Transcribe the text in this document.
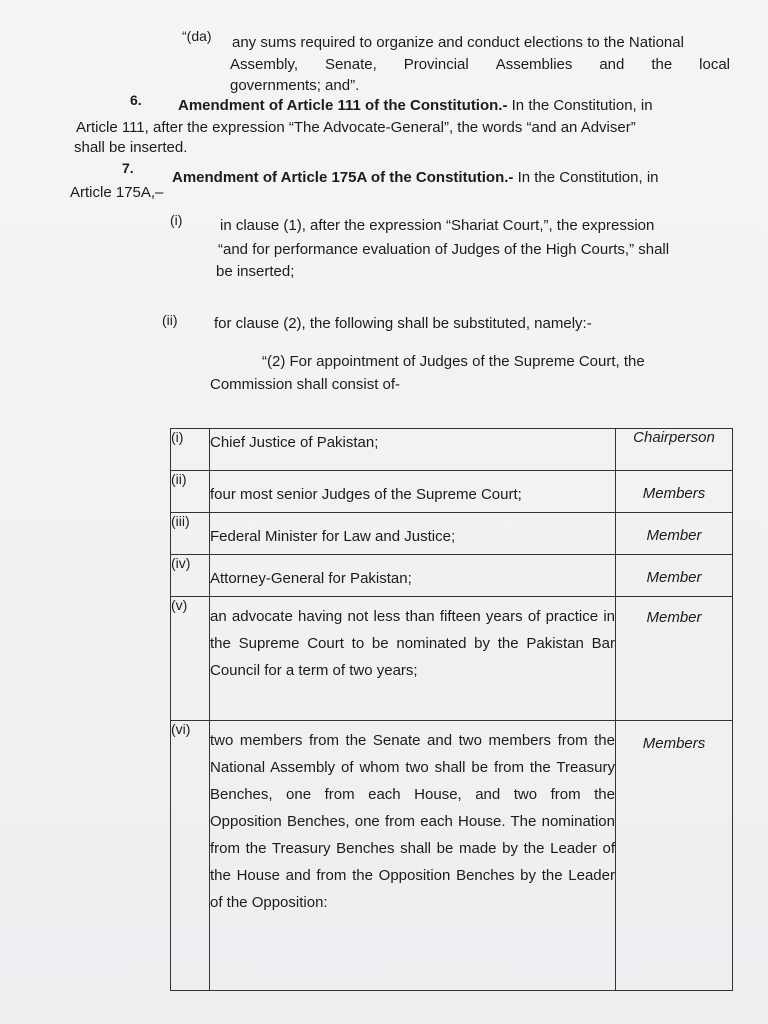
“(da) any sums required to organize and conduct elections to the National
Assembly, Senate, Provincial Assemblies and the local
governments; and”.
6. Amendment of Article 111 of the Constitution.- In the Constitution, in
Article 111, after the expression “The Advocate-General”, the words “and an Adviser”
shall be inserted.
7.
Amendment of Article 175A of the Constitution.- In the Constitution, in
Article 175A,–
(i)	in clause (1), after the expression “Shariat Court,”, the expression
“and for performance evaluation of Judges of the High Courts,” shall
be inserted;
(ii) for clause (2), the following shall be substituted, namely:-
“(2) For appointment of Judges of the Supreme Court, the
Commission shall consist of-
(i)	Chief Justice of Pakistan;	Chairperson
(ii)	four most senior Judges of the Supreme Court;	Members
(iii)	Federal Minister for Law and Justice;	Member
(iv)	Attorney-General for Pakistan;	Member
(v)	an advocate having not less than fifteen years of practice in the Supreme Court to be nominated by the Pakistan Bar Council for a term of two years;	Member
(vi)	two members from the Senate and two members from the National Assembly of whom two shall be from the Treasury Benches, one from each House, and two from the Opposition Benches, one from each House. The nomination from the Treasury Benches shall be made by the Leader of the House and from the Opposition Benches by the Leader of the Opposition:	Members
